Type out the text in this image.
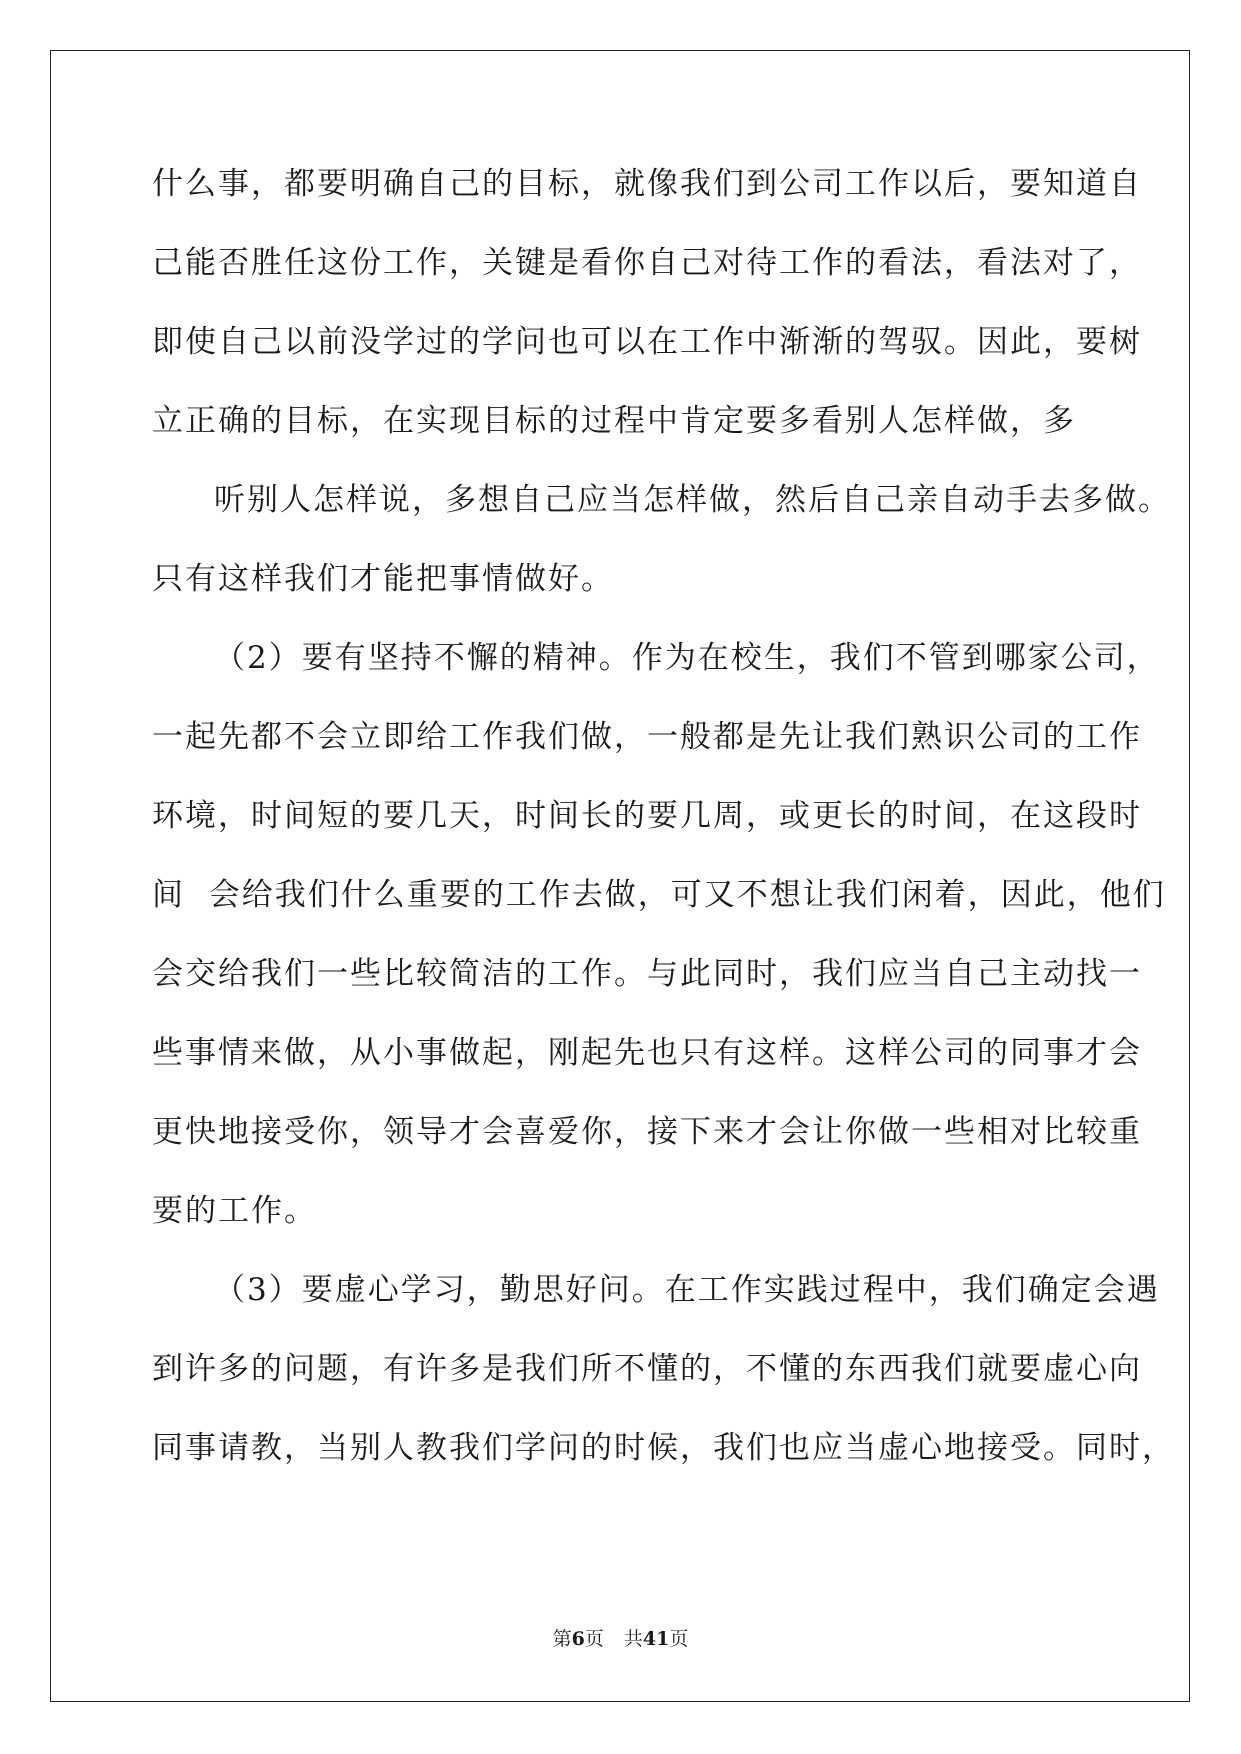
什么事，都要明确自己的目标，就像我们到公司工作以后，要知道自
己能否胜任这份工作，关键是看你自己对待工作的看法，看法对了，
即使自己以前没学过的学问也可以在工作中渐渐的驾驭。因此，要树
立正确的目标，在实现目标的过程中肯定要多看别人怎样做，多
听别人怎样说，多想自己应当怎样做，然后自己亲自动手去多做。
只有这样我们才能把事情做好。
（2）要有坚持不懈的精神。作为在校生，我们不管到哪家公司，
一起先都不会立即给工作我们做，一般都是先让我们熟识公司的工作
环境，时间短的要几天，时间长的要几周，或更长的时间，在这段时
间  会给我们什么重要的工作去做，可又不想让我们闲着，因此，他们
会交给我们一些比较简洁的工作。与此同时，我们应当自己主动找一
些事情来做，从小事做起，刚起先也只有这样。这样公司的同事才会
更快地接受你，领导才会喜爱你，接下来才会让你做一些相对比较重
要的工作。
（3）要虚心学习，勤思好问。在工作实践过程中，我们确定会遇
到许多的问题，有许多是我们所不懂的，不懂的东西我们就要虚心向
同事请教，当别人教我们学问的时候，我们也应当虚心地接受。同时，
第6页 共41页
